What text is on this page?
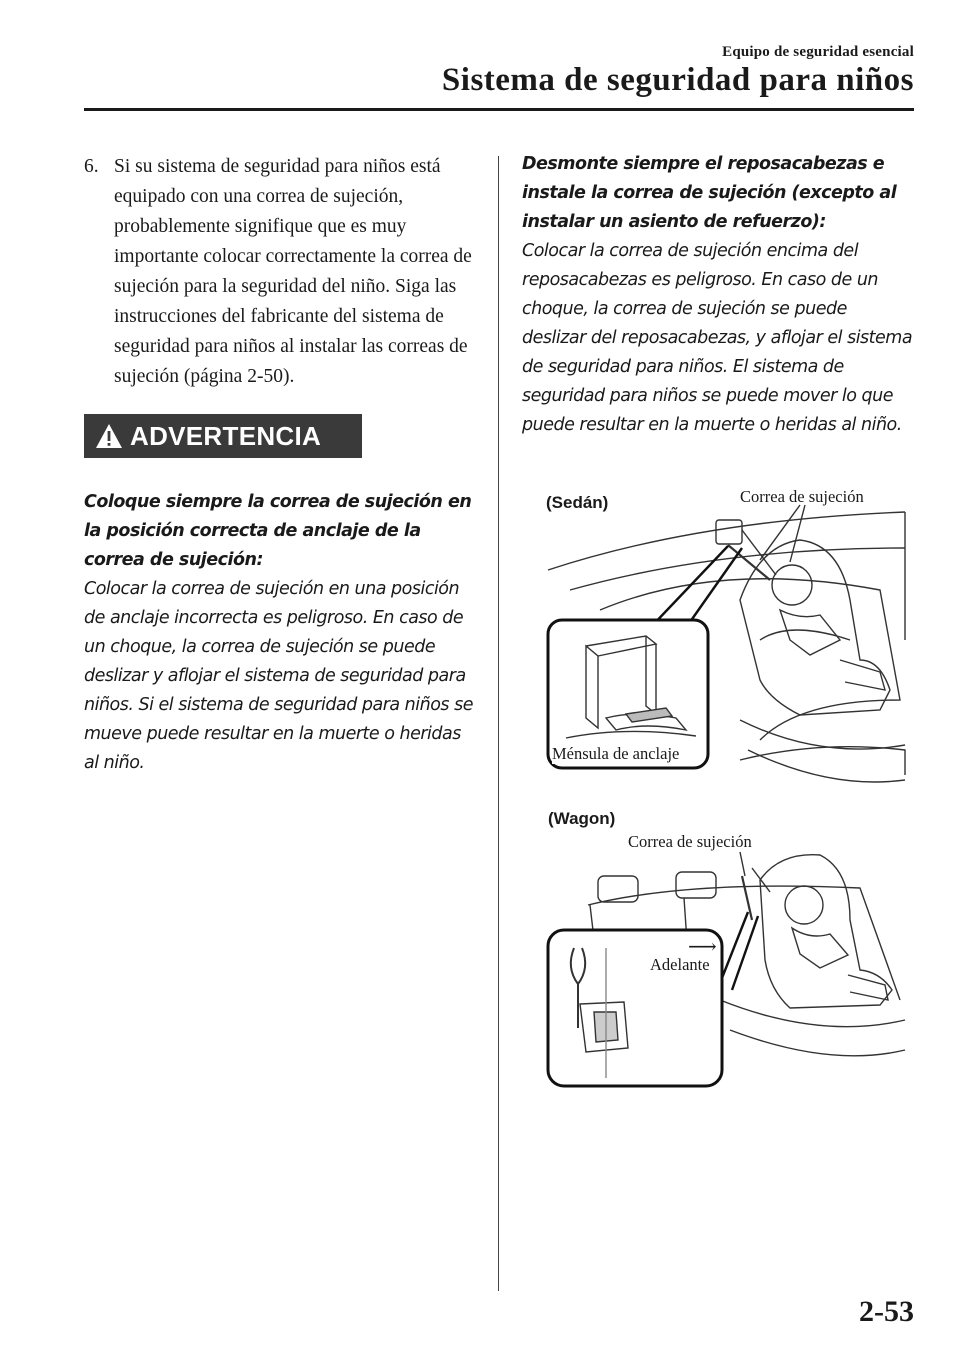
Equipo de seguridad esencial
Sistema de seguridad para niños
6. Si su sistema de seguridad para niños está equipado con una correa de sujeción, probablemente signifique que es muy importante colocar correctamente la correa de sujeción para la seguridad del niño. Siga las instrucciones del fabricante del sistema de seguridad para niños al instalar las correas de sujeción (página 2-50).
ADVERTENCIA
Coloque siempre la correa de sujeción en la posición correcta de anclaje de la correa de sujeción:
Colocar la correa de sujeción en una posición de anclaje incorrecta es peligroso. En caso de un choque, la correa de sujeción se puede deslizar y aflojar el sistema de seguridad para niños. Si el sistema de seguridad para niños se mueve puede resultar en la muerte o heridas al niño.
Desmonte siempre el reposacabezas e instale la correa de sujeción (excepto al instalar un asiento de refuerzo):
Colocar la correa de sujeción encima del reposacabezas es peligroso. En caso de un choque, la correa de sujeción se puede deslizar del reposacabezas, y aflojar el sistema de seguridad para niños. El sistema de seguridad para niños se puede mover lo que puede resultar en la muerte o heridas al niño.
(Sedán)	Correa de sujeción
Ménsula de anclaje
(Wagon)
Correa de sujeción
⟶
Adelante
2-53
